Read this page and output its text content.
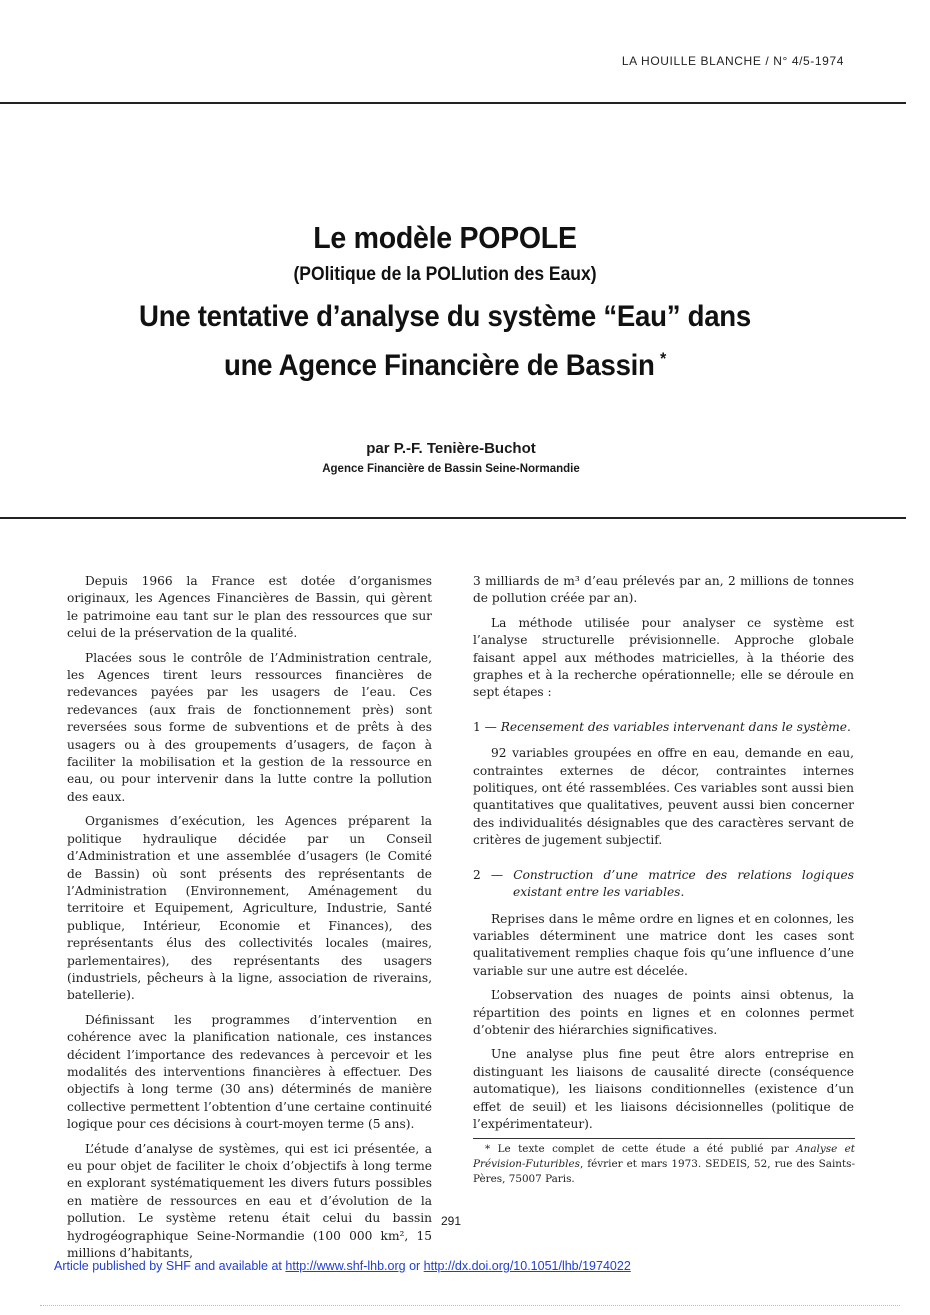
LA HOUILLE BLANCHE / N° 4/5-1974
Le modèle POPOLE
(POlitique de la POLlution des Eaux)
Une tentative d’analyse du système “Eau” dans
une Agence Financière de Bassin *
par P.-F. Tenière-Buchot
Agence Financière de Bassin Seine-Normandie

Depuis 1966 la France est dotée d’organismes originaux, les Agences Financières de Bassin, qui gèrent le patrimoine eau tant sur le plan des ressources que sur celui de la préservation de la qualité.

Placées sous le contrôle de l’Administration centrale, les Agences tirent leurs ressources financières de redevances payées par les usagers de l’eau. Ces redevances (aux frais de fonctionnement près) sont reversées sous forme de subventions et de prêts à des usagers ou à des groupements d’usagers, de façon à faciliter la mobilisation et la gestion de la ressource en eau, ou pour intervenir dans la lutte contre la pollution des eaux.

Organismes d’exécution, les Agences préparent la politique hydraulique décidée par un Conseil d’Administration et une assemblée d’usagers (le Comité de Bassin) où sont présents des représentants de l’Administration (Environnement, Aménagement du territoire et Equipement, Agriculture, Industrie, Santé publique, Intérieur, Economie et Finances), des représentants élus des collectivités locales (maires, parlementaires), des représentants des usagers (industriels, pêcheurs à la ligne, association de riverains, batellerie).

Définissant les programmes d’intervention en cohérence avec la planification nationale, ces instances décident l’importance des redevances à percevoir et les modalités des interventions financières à effectuer. Des objectifs à long terme (30 ans) déterminés de manière collective permettent l’obtention d’une certaine continuité logique pour ces décisions à court-moyen terme (5 ans).

L’étude d’analyse de systèmes, qui est ici présentée, a eu pour objet de faciliter le choix d’objectifs à long terme en explorant systématiquement les divers futurs possibles en matière de ressources en eau et d’évolution de la pollution. Le système retenu était celui du bassin hydrogéographique Seine-Normandie (100 000 km², 15 millions d’habitants,

3 milliards de m³ d’eau prélevés par an, 2 millions de tonnes de pollution créée par an).

La méthode utilisée pour analyser ce système est l’analyse structurelle prévisionnelle. Approche globale faisant appel aux méthodes matricielles, à la théorie des graphes et à la recherche opérationnelle; elle se déroule en sept étapes :

1 — Recensement des variables intervenant dans le système.

92 variables groupées en offre en eau, demande en eau, contraintes externes de décor, contraintes internes politiques, ont été rassemblées. Ces variables sont aussi bien quantitatives que qualitatives, peuvent aussi bien concerner des individualités désignables que des caractères servant de critères de jugement subjectif.

2 — Construction d’une matrice des relations logiques existant entre les variables.

Reprises dans le même ordre en lignes et en colonnes, les variables déterminent une matrice dont les cases sont qualitativement remplies chaque fois qu’une influence d’une variable sur une autre est décelée.

L’observation des nuages de points ainsi obtenus, la répartition des points en lignes et en colonnes permet d’obtenir des hiérarchies significatives.

Une analyse plus fine peut être alors entreprise en distinguant les liaisons de causalité directe (conséquence automatique), les liaisons conditionnelles (existence d’un effet de seuil) et les liaisons décisionnelles (politique de l’expérimentateur).

* Le texte complet de cette étude a été publié par Analyse et Prévision-Futuribles, février et mars 1973. SEDEIS, 52, rue des Saints-Pères, 75007 Paris.

291
Article published by SHF and available at http://www.shf-lhb.org or http://dx.doi.org/10.1051/lhb/1974022
